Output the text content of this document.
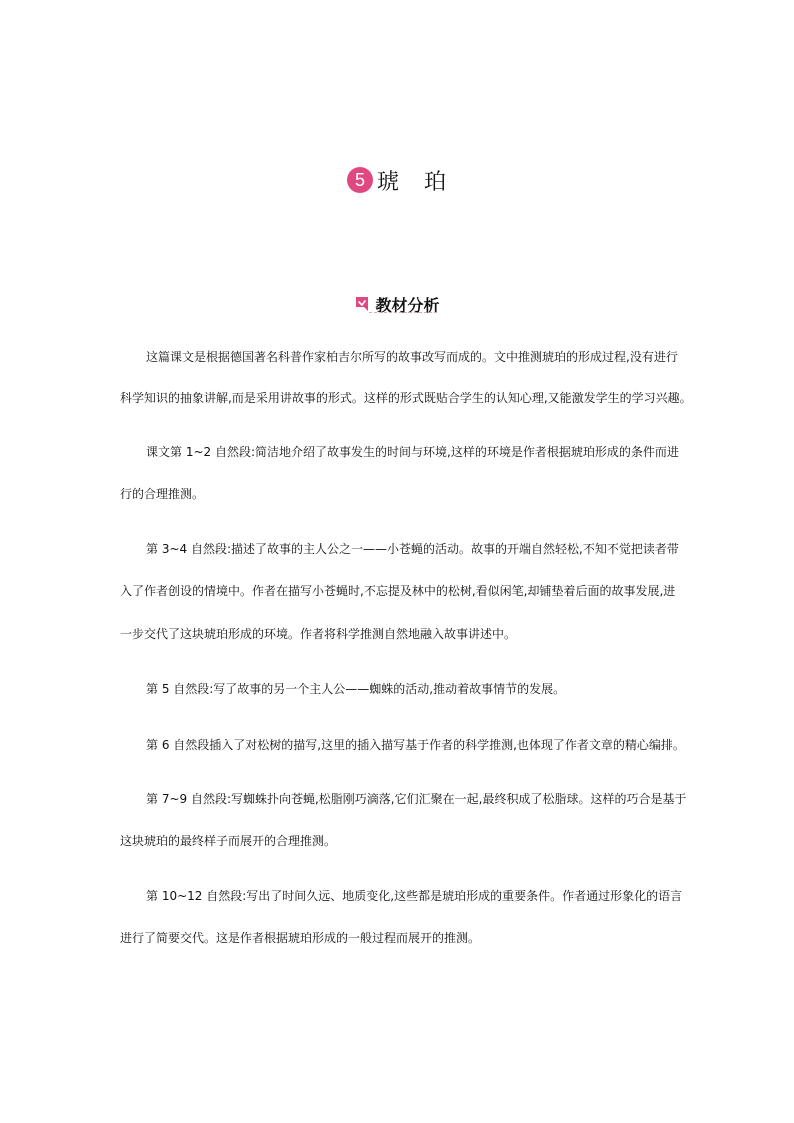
5 琥 珀
教材分析
这篇课文是根据德国著名科普作家柏吉尔所写的故事改写而成的。文中推测琥珀的形成过程,没有进行
科学知识的抽象讲解,而是采用讲故事的形式。这样的形式既贴合学生的认知心理,又能激发学生的学习兴趣。
课文第 1~2 自然段:简洁地介绍了故事发生的时间与环境,这样的环境是作者根据琥珀形成的条件而进
行的合理推测。
第 3~4 自然段:描述了故事的主人公之一——小苍蝇的活动。故事的开端自然轻松,不知不觉把读者带
入了作者创设的情境中。作者在描写小苍蝇时,不忘提及林中的松树,看似闲笔,却铺垫着后面的故事发展,进
一步交代了这块琥珀形成的环境。作者将科学推测自然地融入故事讲述中。
第 5 自然段:写了故事的另一个主人公——蜘蛛的活动,推动着故事情节的发展。
第 6 自然段插入了对松树的描写,这里的插入描写基于作者的科学推测,也体现了作者文章的精心编排。
第 7~9 自然段:写蜘蛛扑向苍蝇,松脂刚巧滴落,它们汇聚在一起,最终积成了松脂球。这样的巧合是基于
这块琥珀的最终样子而展开的合理推测。
第 10~12 自然段:写出了时间久远、地质变化,这些都是琥珀形成的重要条件。作者通过形象化的语言
进行了简要交代。这是作者根据琥珀形成的一般过程而展开的推测。
